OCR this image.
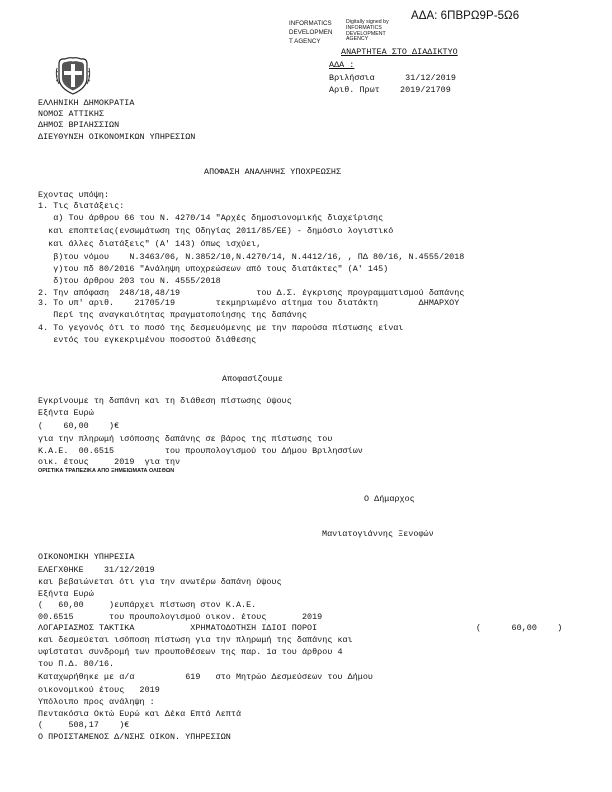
ΑΔΑ: 6ΠΒΡΩ9Ρ-5Ω6
INFORMATICS
DEVELOPMEN
T AGENCY
Digitally signed by INFORMATICS DEVELOPMENT AGENCY
ΑΝΑΡΤΗΤΕΑ ΣΤΟ ΔΙΑΔΙΚΤΥΟ
ΑΔΑ :
Βριλήσσια      31/12/2019
Αριθ. Πρωτ    2019/21709
ΕΛΛΗΝΙΚΗ ΔΗΜΟΚΡΑΤΙΑ
ΝΟΜΟΣ ΑΤΤΙΚΗΣ
ΔΗΜΟΣ ΒΡΙΛΗΣΣΙΩΝ
ΔΙΕΥΘΥΝΣΗ ΟΙΚΟΝΟΜΙΚΩΝ ΥΠΗΡΕΣΙΩΝ
ΑΠΟΦΑΣΗ ΑΝΑΛΗΨΗΣ ΥΠΟΧΡΕΩΣΗΣ
Εχοντας υπόψη:
1. Τις διατάξεις:
α) Του άρθρου 66 του Ν. 4270/14 "Αρχές δημοσιονομικής διαχείρισης
και εποπτείας(ενσωμάτωση της Οδηγίας 2011/85/ΕΕ) - δημόσιο λογιστικό
και άλλες διατάξεις" (Α' 143) όπως ισχύει,
β)του νόμου    Ν.3463/06, Ν.3852/10,Ν.4270/14, Ν.4412/16, , ΠΔ 80/16, Ν.4555/2018
γ)του πδ 80/2016 "Ανάληψη υποχρεώσεων από τους διατάκτες" (Α' 145)
δ)του άρθρου 203 του Ν. 4555/2018
2. Την απόφαση  248/18,48/19               του Δ.Σ. έγκρισης προγραμματισμού δαπάνης
3. Το υπ' αριθ.    21705/19        τεκμηριωμένο αίτημα του διατάκτη        ΔΗΜΑΡΧΟΥ
Περί της αναγκαιότητας πραγματοποίησης της δαπάνης
4. Το γεγονός ότι το ποσό της δεσμευόμενης με την παρούσα πίστωσης είναι
εντός του εγκεκριμένου ποσοστού διάθεσης
Αποφασίζουμε
Εγκρίνουμε τη δαπάνη και τη διάθεση πίστωσης ύψους
Εξήντα Ευρώ
(    60,00    )€
για την πληρωμή ισόποσης δαπάνης σε βάρος της πίστωσης του
Κ.Α.Ε.  00.6515          του προυπολογισμού του Δήμου Βριλησσίων
οικ. έτους     2019  για την
ΟΡΙΣΤΙΚΑ ΤΡΑΠΕΖΙΚΑ ΑΠΟ ΞΗΜΕΙΩΜΑΤΑ ΟΛΙΣΘΩΝ
Ο Δήμαρχος
Μανιατογιάννης Ξενοφών
ΟΙΚΟΝΟΜΙΚΗ ΥΠΗΡΕΣΙΑ
ΕΛΕΓΧΘΗΚΕ    31/12/2019
και βεβαιώνεται ότι για την ανωτέρω δαπάνη ύψους
Εξήντα Ευρώ
(   60,00     )ευπάρχει πίστωση στον Κ.Α.Ε.
00.6515       του προυπολογισμού οικον. έτους       2019
ΛΟΓΑΡΙΑΣΜΟΣ ΤΑΚΤΙΚΑ           ΧΡΗΜΑΤΟΔΟΤΗΣΗ ΙΔΙΟΙ ΠΟΡΟΙ	(      60,00    )
και δεσμεύεται ισόποση πίστωση για την πληρωμή της δαπάνης και
υφίσταται συνδρομή των προυποθέσεων της παρ. 1α του άρθρου 4
του Π.Δ. 80/16.
Καταχωρήθηκε με α/α          619   στο Μητρώο Δεσμεύσεων του Δήμου
οικονομικού έτους   2019
Υπόλοιπο προς ανάληψη :
Πεντακόσια Οκτώ Ευρώ και Δέκα Επτά Λεπτά
(     508,17    )€
Ο ΠΡΟΙΣΤΑΜΕΝΟΣ Δ/ΝΣΗΣ ΟΙΚΟΝ. ΥΠΗΡΕΣΙΩΝ
